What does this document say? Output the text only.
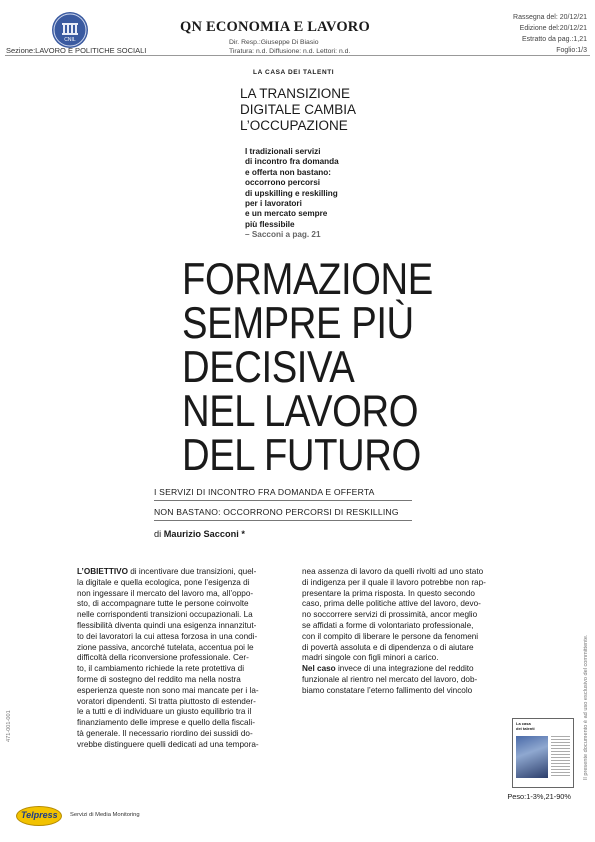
CNIL
Sezione:LAVORO E POLITICHE SOCIALI
QN ECONOMIA E LAVORO
Dir. Resp.:Giuseppe Di Biasio
Tiratura: n.d. Diffusione: n.d. Lettori: n.d.
Rassegna del: 20/12/21
Edizione del:20/12/21
Estratto da pag.:1,21
Foglio:1/3
LA CASA DEI TALENTI
LA TRANSIZIONE
DIGITALE CAMBIA
L’OCCUPAZIONE
I tradizionali servizi
di incontro fra domanda
e offerta non bastano:
occorrono percorsi
di upskilling e reskilling
per i lavoratori
e un mercato sempre
più flessibile
– Sacconi a pag. 21
FORMAZIONE
SEMPRE PIÙ
DECISIVA
NEL LAVORO
DEL FUTURO
I SERVIZI DI INCONTRO FRA DOMANDA E OFFERTA
NON BASTANO: OCCORRONO PERCORSI DI RESKILLING
di Maurizio Sacconi *
L’OBIETTIVO di incentivare due transizioni, quel-
la digitale e quella ecologica, pone l’esigenza di
non ingessare il mercato del lavoro ma, all’oppo-
sto, di accompagnare tutte le persone coinvolte
nelle corrispondenti transizioni occupazionali. La
flessibilità diventa quindi una esigenza innanzitut-
to dei lavoratori la cui attesa forzosa in una condi-
zione passiva, ancorché tutelata, accentua poi le
difficoltà della riconversione professionale. Cer-
to, il cambiamento richiede la rete protettiva di
forme di sostegno del reddito ma nella nostra
esperienza queste non sono mai mancate per i la-
voratori dipendenti. Si tratta piuttosto di estender-
le a tutti e di individuare un giusto equilibrio tra il
finanziamento delle imprese e quello della fiscali-
tà generale. Il necessario riordino dei sussidi do-
vrebbe distinguere quelli dedicati ad una tempora-
nea assenza di lavoro da quelli rivolti ad uno stato
di indigenza per il quale il lavoro potrebbe non rap-
presentare la prima risposta. In questo secondo
caso, prima delle politiche attive del lavoro, devo-
no soccorrere servizi di prossimità, ancor meglio
se affidati a forme di volontariato professionale,
con il compito di liberare le persone da fenomeni
di povertà assoluta e di dipendenza o di aiutare
madri singole con figli minori a carico.
Nel caso invece di una integrazione del reddito
funzionale al rientro nel mercato del lavoro, dob-
biamo constatare l’eterno fallimento del vincolo
La casa
dei talenti
Peso:1-3%,21-90%
Il presente documento è ad uso esclusivo del committente.
471-001-001
Telpress Servizi di Media Monitoring
